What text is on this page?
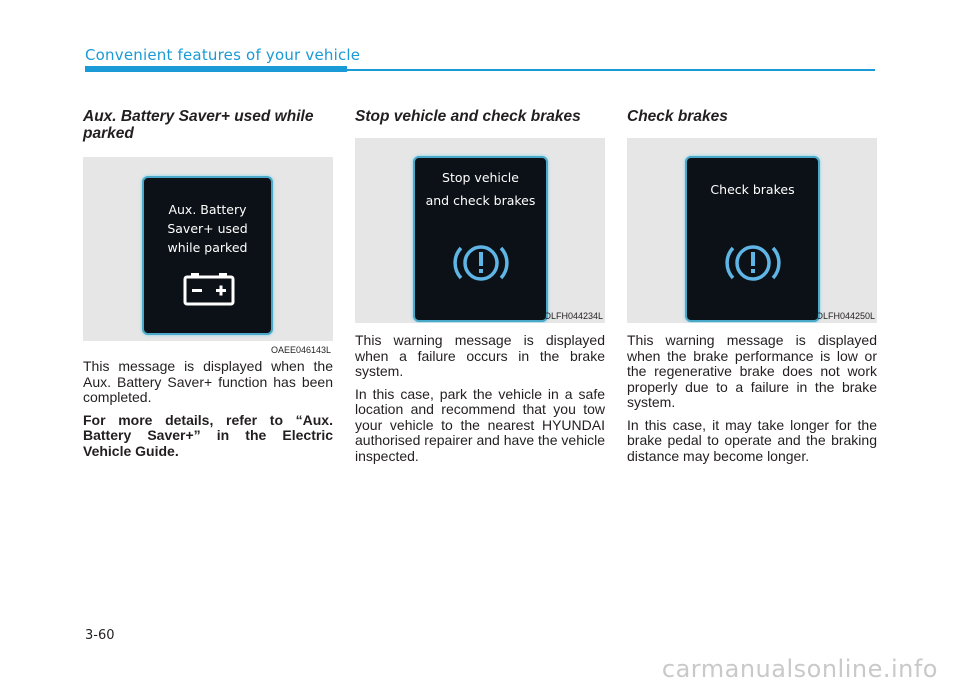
Convenient features of your vehicle
Aux. Battery Saver+ used while parked
Aux. Battery
Saver+ used
while parked
OAEE046143L

This message is displayed when the Aux. Battery Saver+ function has been completed.

For more details, refer to “Aux. Battery Saver+” in the Electric Vehicle Guide.

Stop vehicle and check brakes
Stop vehicle
and check brakes
OLFH044234L

This warning message is displayed when a failure occurs in the brake system.

In this case, park the vehicle in a safe location and recommend that you tow your vehicle to the nearest HYUNDAI authorised repairer and have the vehicle inspected.

Check brakes
Check brakes
OLFH044250L

This warning message is displayed when the brake performance is low or the regenerative brake does not work properly due to a failure in the brake system.

In this case, it may take longer for the brake pedal to operate and the braking distance may become longer.

3-60
carmanualsonline.info
